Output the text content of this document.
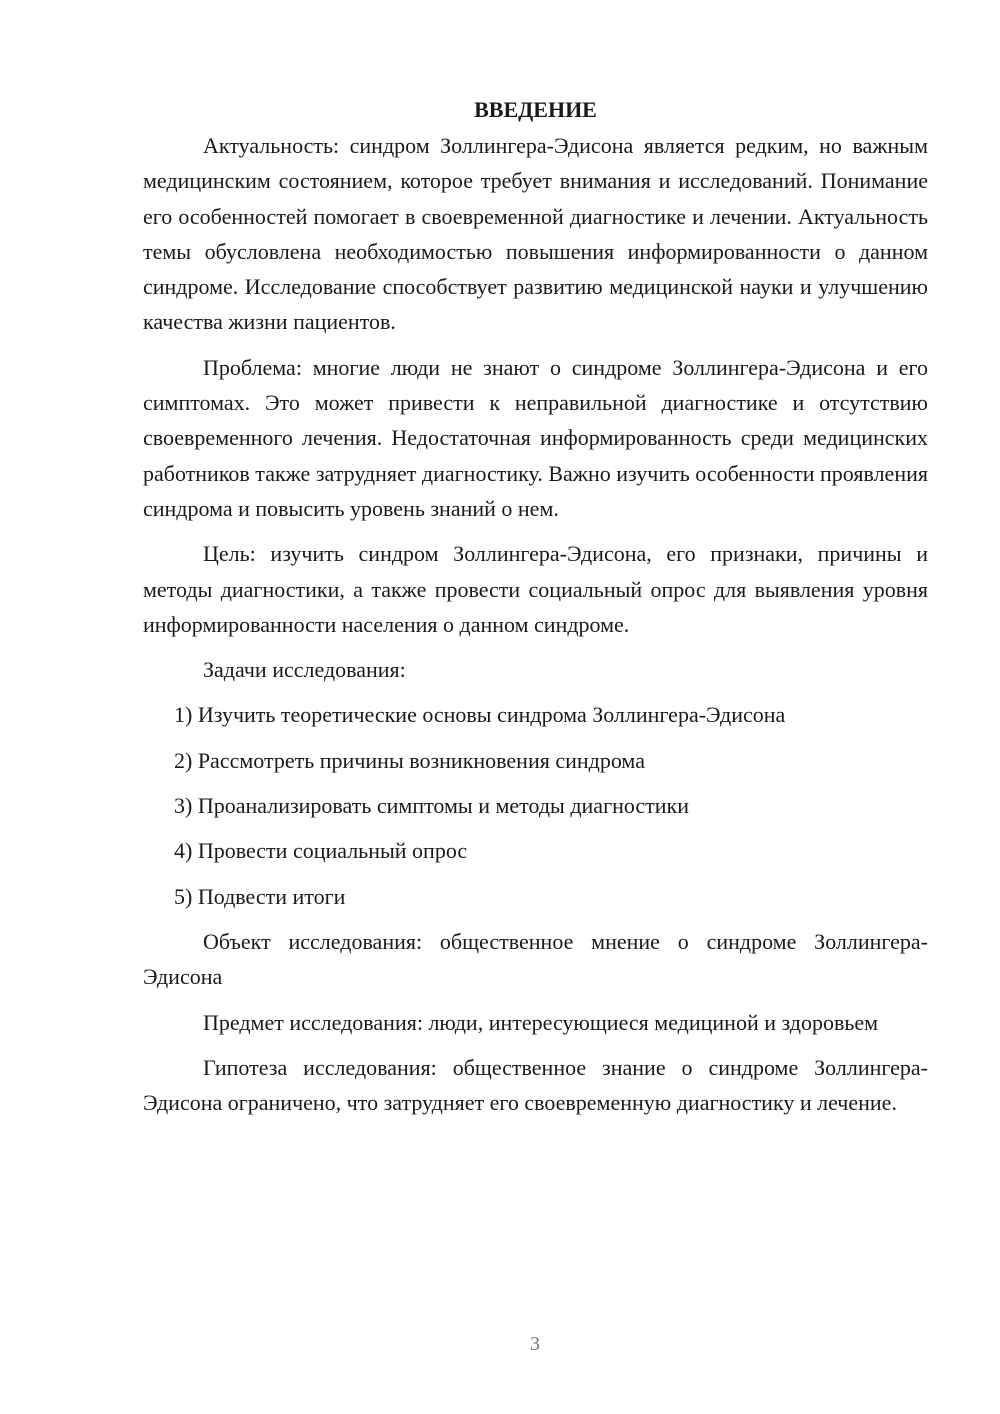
ВВЕДЕНИЕ

Актуальность: синдром Золлингера-Эдисона является редким, но важным медицинским состоянием, которое требует внимания и исследований. Понимание его особенностей помогает в своевременной диагностике и лечении. Актуальность темы обусловлена необходимостью повышения информированности о данном синдроме. Исследование способствует развитию медицинской науки и улучшению качества жизни пациентов.

Проблема: многие люди не знают о синдроме Золлингера-Эдисона и его симптомах. Это может привести к неправильной диагностике и отсутствию своевременного лечения. Недостаточная информированность среди медицинских работников также затрудняет диагностику. Важно изучить особенности проявления синдрома и повысить уровень знаний о нем.

Цель: изучить синдром Золлингера-Эдисона, его признаки, причины и методы диагностики, а также провести социальный опрос для выявления уровня информированности населения о данном синдроме.

Задачи исследования:

1) Изучить теоретические основы синдрома Золлингера-Эдисона
2) Рассмотреть причины возникновения синдрома
3) Проанализировать симптомы и методы диагностики
4) Провести социальный опрос
5) Подвести итоги

Объект исследования: общественное мнение о синдроме Золлингера-Эдисона

Предмет исследования: люди, интересующиеся медициной и здоровьем

Гипотеза исследования: общественное знание о синдроме Золлингера-Эдисона ограничено, что затрудняет его своевременную диагностику и лечение.

3
